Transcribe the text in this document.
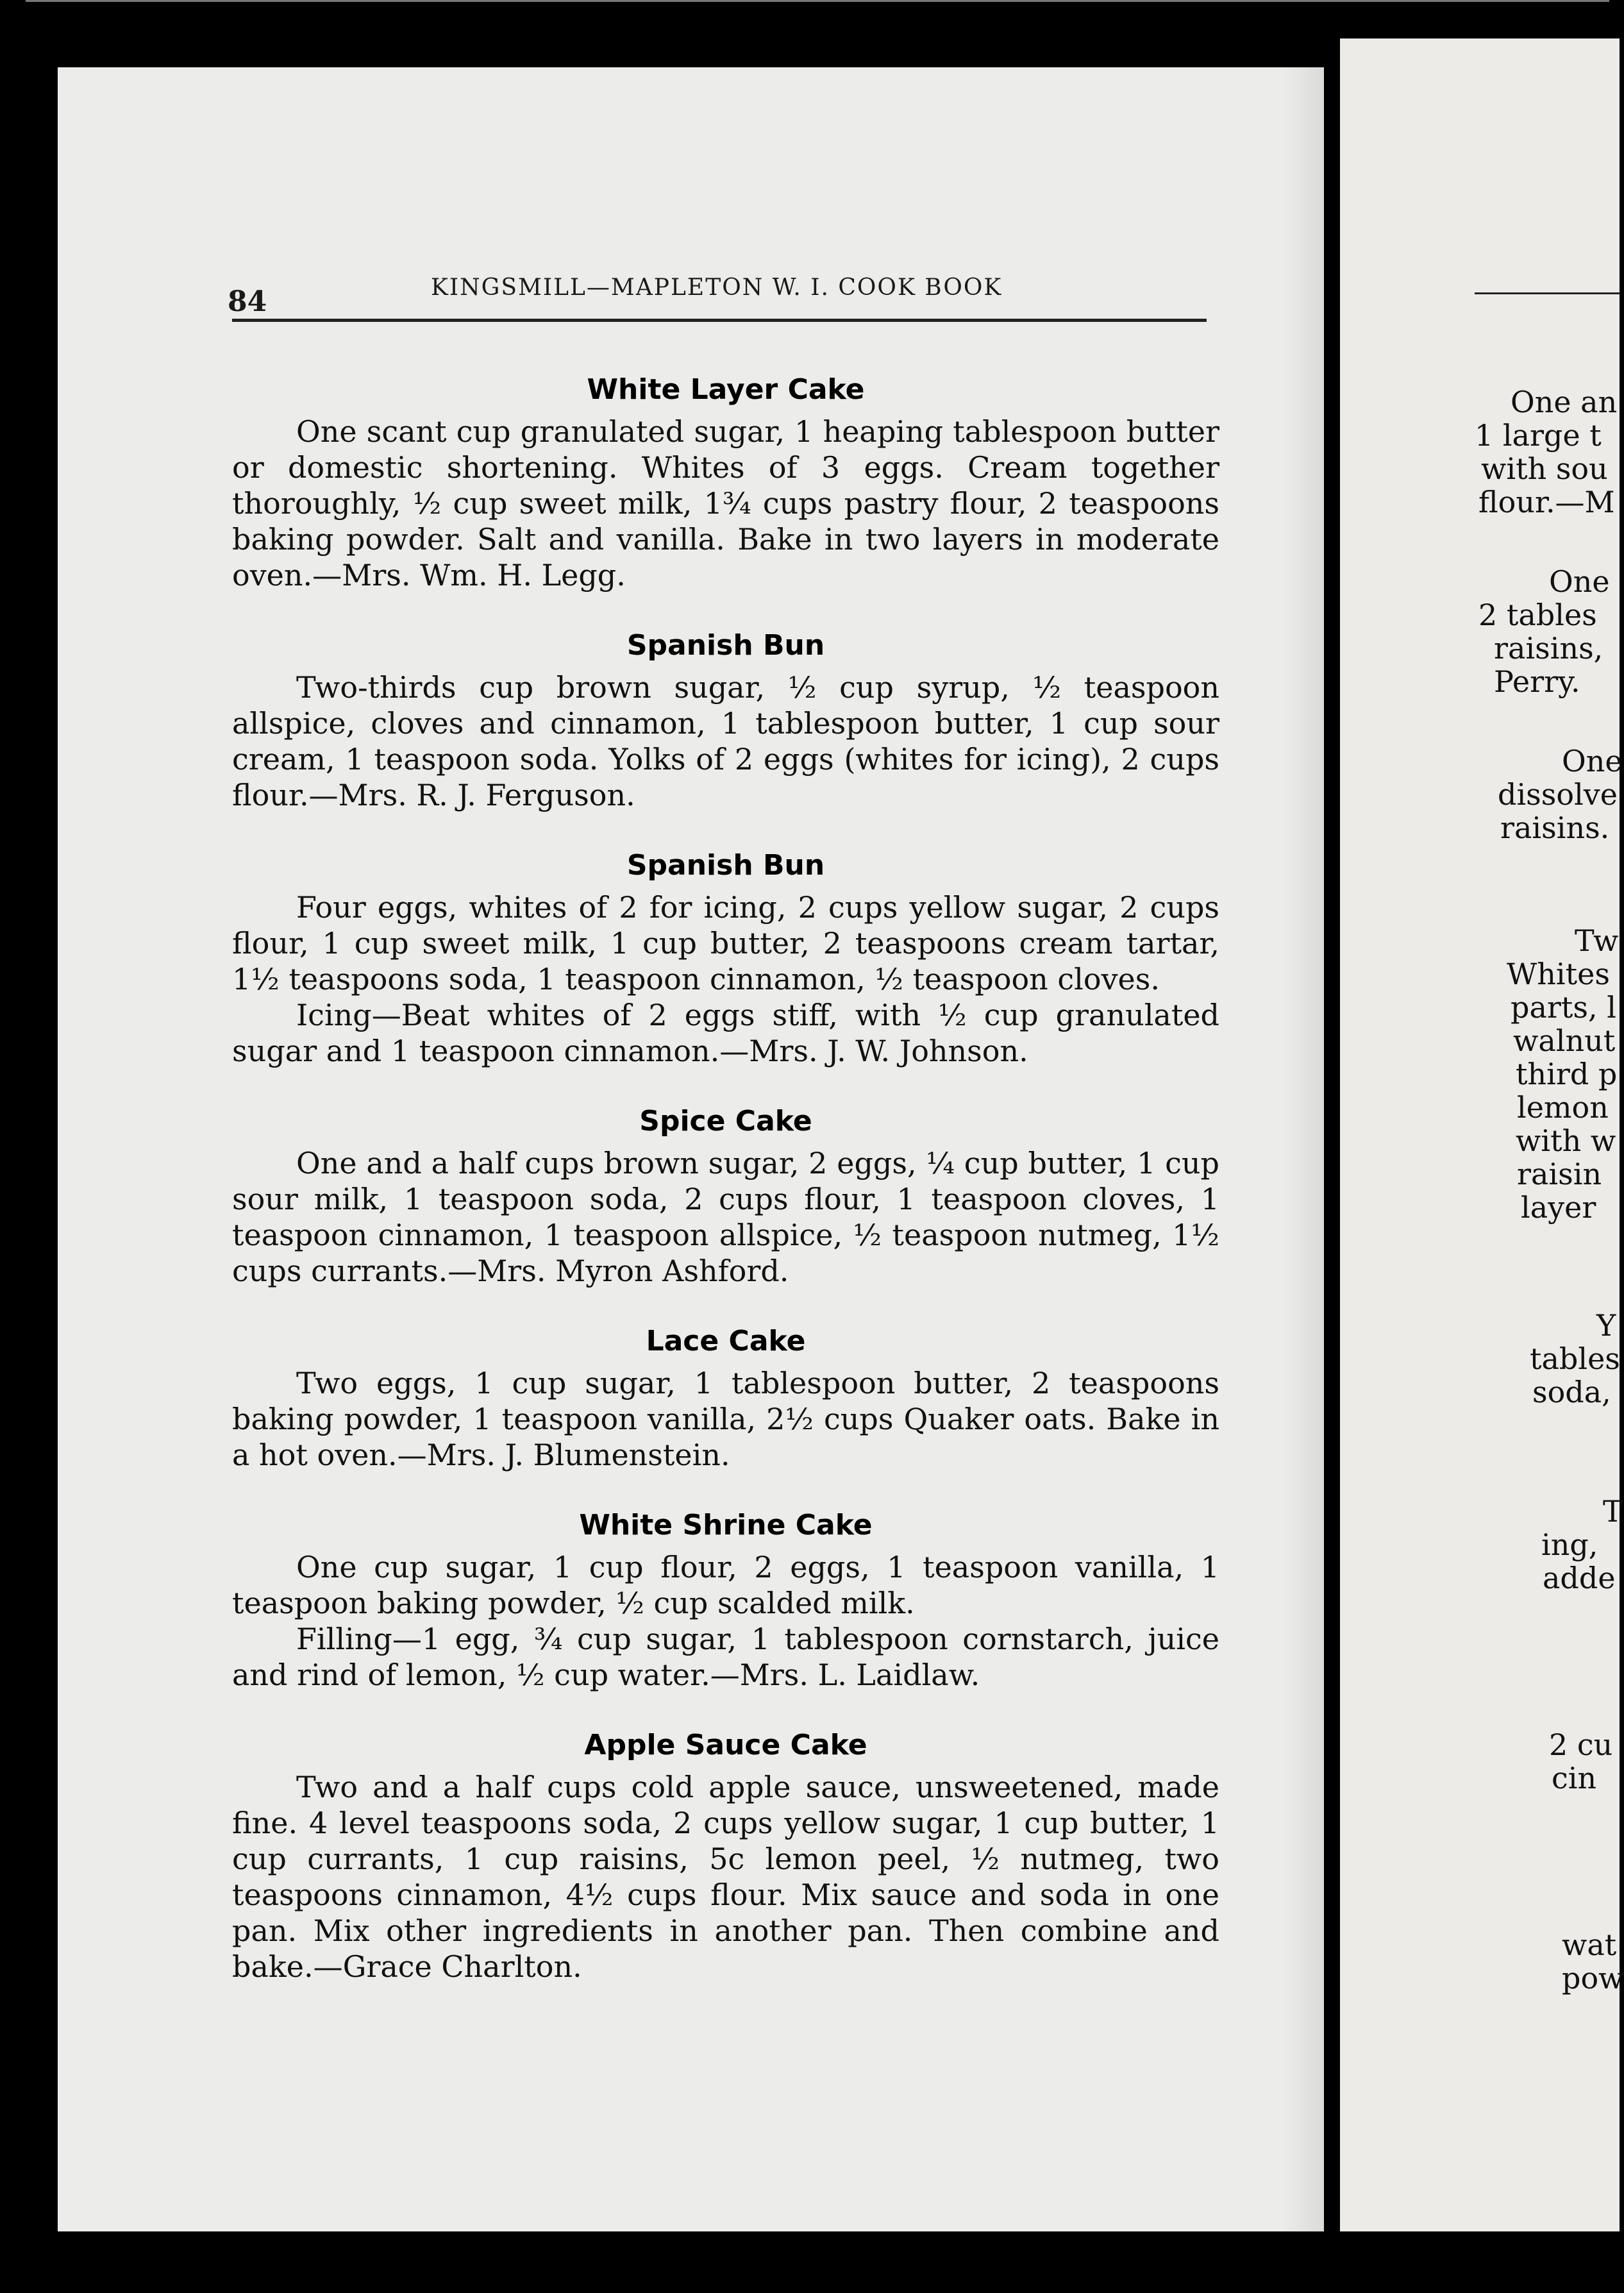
84	KINGSMILL—MAPLETON W. I. COOK BOOK
White Layer Cake

One scant cup granulated sugar, 1 heaping tablespoon butter or domestic shortening. Whites of 3 eggs. Cream together thoroughly, ½ cup sweet milk, 1¾ cups pastry flour, 2 teaspoons baking powder. Salt and vanilla. Bake in two layers in moderate oven.—Mrs. Wm. H. Legg.

Spanish Bun

Two-thirds cup brown sugar, ½ cup syrup, ½ teaspoon allspice, cloves and cinnamon, 1 tablespoon butter, 1 cup sour cream, 1 teaspoon soda. Yolks of 2 eggs (whites for icing), 2 cups flour.—Mrs. R. J. Ferguson.

Spanish Bun

Four eggs, whites of 2 for icing, 2 cups yellow sugar, 2 cups flour, 1 cup sweet milk, 1 cup butter, 2 teaspoons cream tartar, 1½ teaspoons soda, 1 teaspoon cinnamon, ½ teaspoon cloves.

Icing—Beat whites of 2 eggs stiff, with ½ cup granulated sugar and 1 teaspoon cinnamon.—Mrs. J. W. Johnson.

Spice Cake

One and a half cups brown sugar, 2 eggs, ¼ cup butter, 1 cup sour milk, 1 teaspoon soda, 2 cups flour, 1 teaspoon cloves, 1 teaspoon cinnamon, 1 teaspoon allspice, ½ teaspoon nutmeg, 1½ cups currants.—Mrs. Myron Ashford.

Lace Cake

Two eggs, 1 cup sugar, 1 tablespoon butter, 2 teaspoons baking powder, 1 teaspoon vanilla, 2½ cups Quaker oats. Bake in a hot oven.—Mrs. J. Blumenstein.

White Shrine Cake

One cup sugar, 1 cup flour, 2 eggs, 1 teaspoon vanilla, 1 teaspoon baking powder, ½ cup scalded milk.

Filling—1 egg, ¾ cup sugar, 1 tablespoon cornstarch, juice and rind of lemon, ½ cup water.—Mrs. L. Laidlaw.

Apple Sauce Cake

Two and a half cups cold apple sauce, unsweetened, made fine. 4 level teaspoons soda, 2 cups yellow sugar, 1 cup butter, 1 cup currants, 1 cup raisins, 5c lemon peel, ½ nutmeg, two teaspoons cinnamon, 4½ cups flour. Mix sauce and soda in one pan. Mix other ingredients in another pan. Then combine and bake.—Grace Charlton.

One an
1 large t
with sou
flour.—M
One
2 tables
raisins,
Perry.
One
dissolve
raisins.
Tw
Whites
parts, l
walnut
third p
lemon
with w
raisin
layer
Y
tables
soda,
T
ing,
adde
2 cu
cin
wat
pow
